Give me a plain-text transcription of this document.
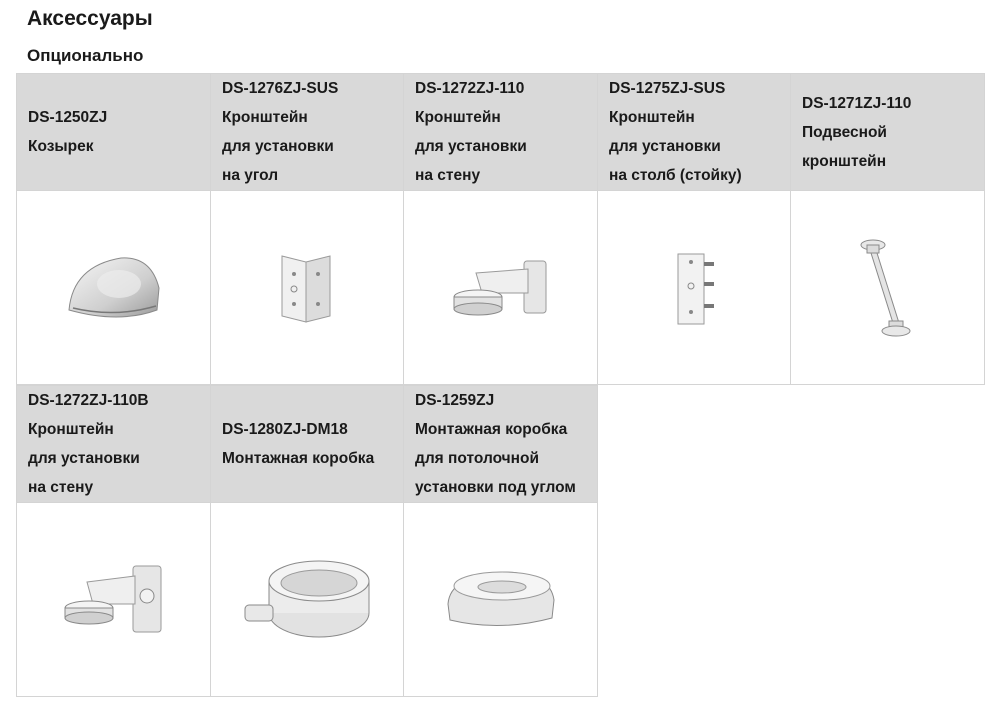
Аксессуары
Опционально
DS-1250ZJ
Козырек	DS-1276ZJ-SUS
Кронштейн
для установки
на угол	DS-1272ZJ-110
Кронштейн
для установки
на стену	DS-1275ZJ-SUS
Кронштейн
для установки
на столб (стойку)	DS-1271ZJ-110
Подвесной
кронштейн

DS-1272ZJ-110B
Кронштейн
для установки
на стену	DS-1280ZJ-DM18
Монтажная коробка	DS-1259ZJ
Монтажная коробка
для потолочной
установки под углом		
